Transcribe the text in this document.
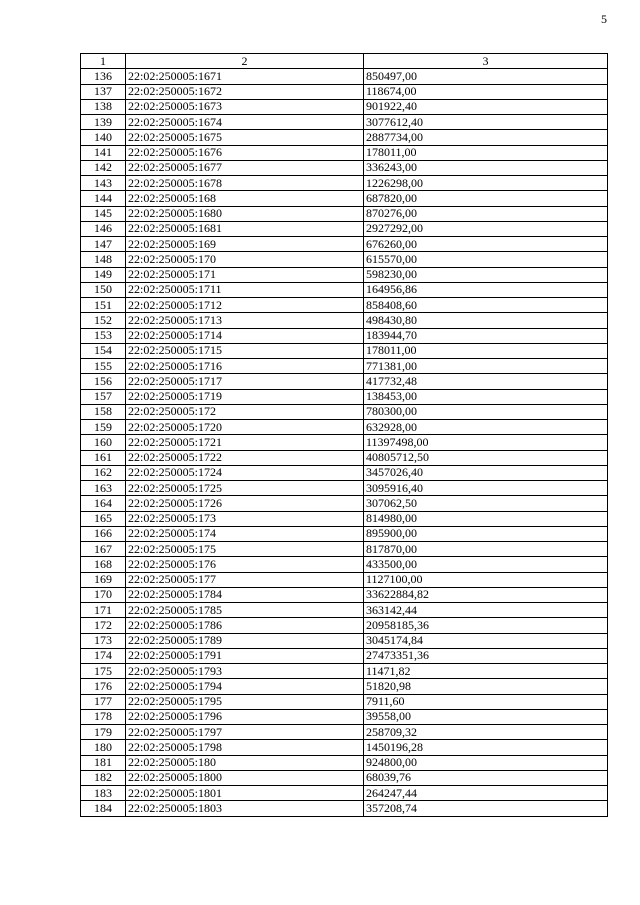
5
1	2	3
136	22:02:250005:1671	850497,00
137	22:02:250005:1672	118674,00
138	22:02:250005:1673	901922,40
139	22:02:250005:1674	3077612,40
140	22:02:250005:1675	2887734,00
141	22:02:250005:1676	178011,00
142	22:02:250005:1677	336243,00
143	22:02:250005:1678	1226298,00
144	22:02:250005:168	687820,00
145	22:02:250005:1680	870276,00
146	22:02:250005:1681	2927292,00
147	22:02:250005:169	676260,00
148	22:02:250005:170	615570,00
149	22:02:250005:171	598230,00
150	22:02:250005:1711	164956,86
151	22:02:250005:1712	858408,60
152	22:02:250005:1713	498430,80
153	22:02:250005:1714	183944,70
154	22:02:250005:1715	178011,00
155	22:02:250005:1716	771381,00
156	22:02:250005:1717	417732,48
157	22:02:250005:1719	138453,00
158	22:02:250005:172	780300,00
159	22:02:250005:1720	632928,00
160	22:02:250005:1721	11397498,00
161	22:02:250005:1722	40805712,50
162	22:02:250005:1724	3457026,40
163	22:02:250005:1725	3095916,40
164	22:02:250005:1726	307062,50
165	22:02:250005:173	814980,00
166	22:02:250005:174	895900,00
167	22:02:250005:175	817870,00
168	22:02:250005:176	433500,00
169	22:02:250005:177	1127100,00
170	22:02:250005:1784	33622884,82
171	22:02:250005:1785	363142,44
172	22:02:250005:1786	20958185,36
173	22:02:250005:1789	3045174,84
174	22:02:250005:1791	27473351,36
175	22:02:250005:1793	11471,82
176	22:02:250005:1794	51820,98
177	22:02:250005:1795	7911,60
178	22:02:250005:1796	39558,00
179	22:02:250005:1797	258709,32
180	22:02:250005:1798	1450196,28
181	22:02:250005:180	924800,00
182	22:02:250005:1800	68039,76
183	22:02:250005:1801	264247,44
184	22:02:250005:1803	357208,74
